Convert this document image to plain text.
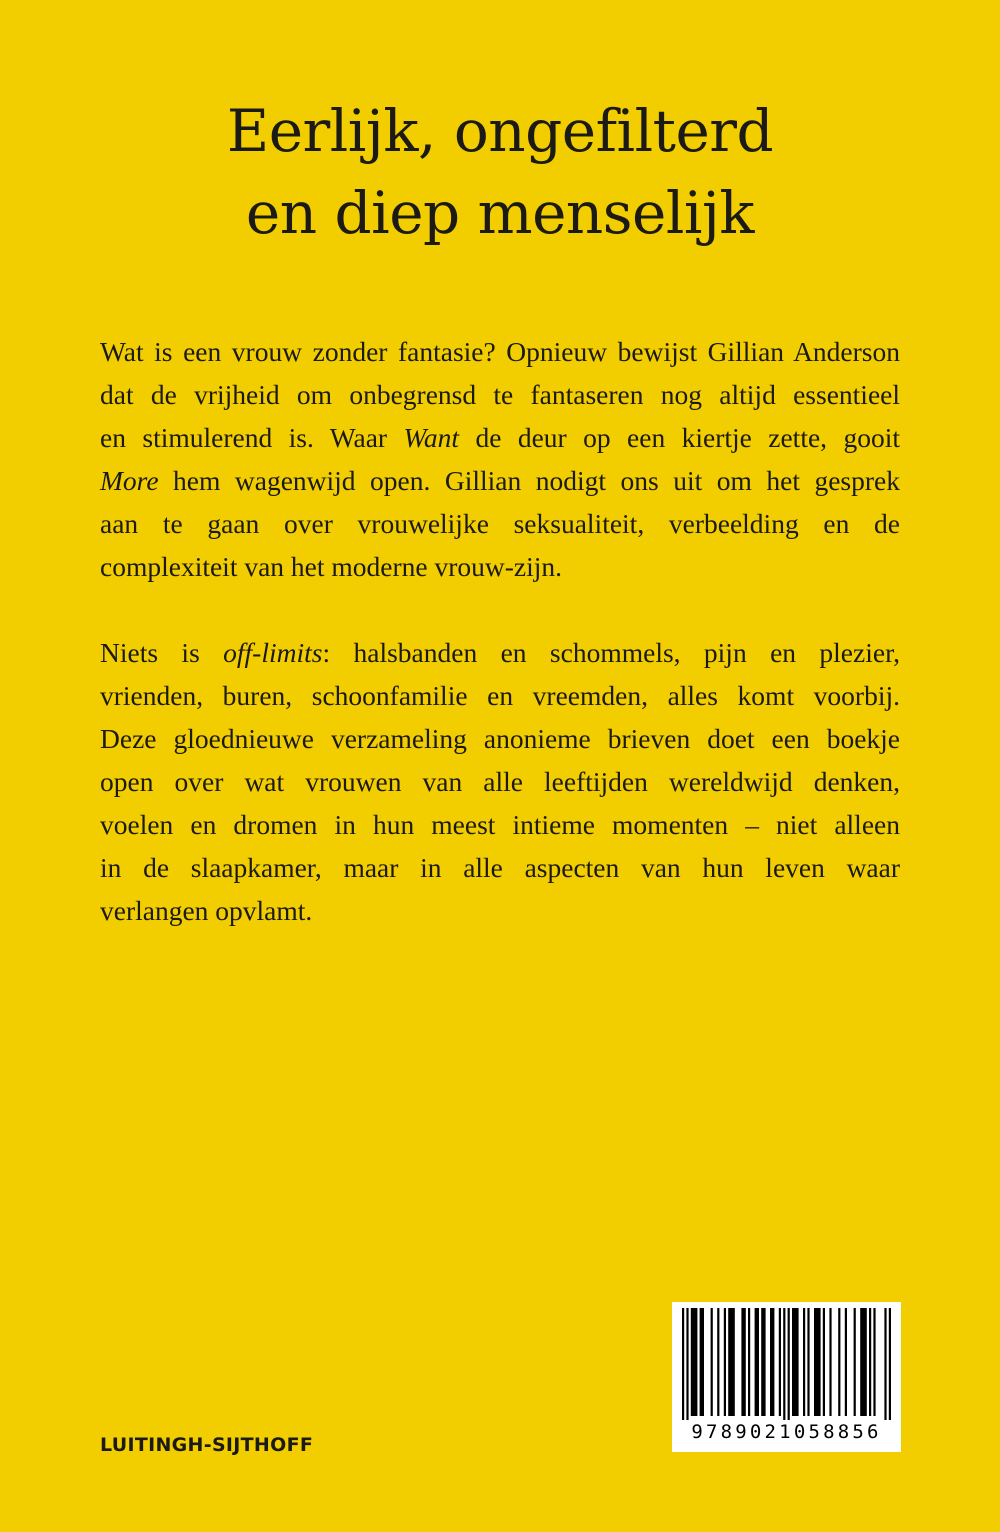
Eerlijk, ongefilterd
en diep menselijk

Wat is een vrouw zonder fantasie? Opnieuw bewijst Gillian Anderson
dat de vrijheid om onbegrensd te fantaseren nog altijd essentieel
en stimulerend is. Waar Want de deur op een kiertje zette, gooit
More hem wagenwijd open. Gillian nodigt ons uit om het gesprek
aan te gaan over vrouwelijke seksualiteit, verbeelding en de
complexiteit van het moderne vrouw-zijn.

Niets is off-limits: halsbanden en schommels, pijn en plezier,
vrienden, buren, schoonfamilie en vreemden, alles komt voorbij.
Deze gloednieuwe verzameling anonieme brieven doet een boekje
open over wat vrouwen van alle leeftijden wereldwijd denken,
voelen en dromen in hun meest intieme momenten – niet alleen
in de slaapkamer, maar in alle aspecten van hun leven waar
verlangen opvlamt.

9789021058856
LUITINGH-SIJTHOFF
